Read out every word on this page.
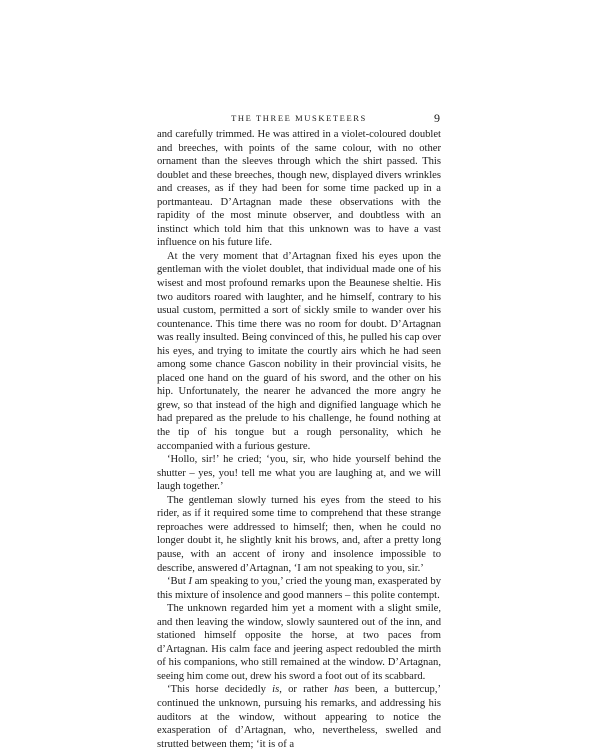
THE THREE MUSKETEERS	9

and carefully trimmed. He was attired in a violet-coloured doublet and breeches, with points of the same colour, with no other ornament than the sleeves through which the shirt passed. This doublet and these breeches, though new, displayed divers wrinkles and creases, as if they had been for some time packed up in a portmanteau. D’Artagnan made these observations with the rapidity of the most minute observer, and doubtless with an instinct which told him that this unknown was to have a vast influence on his future life.

At the very moment that d’Artagnan fixed his eyes upon the gentleman with the violet doublet, that individual made one of his wisest and most profound remarks upon the Beaunese sheltie. His two auditors roared with laughter, and he himself, contrary to his usual custom, permitted a sort of sickly smile to wander over his countenance. This time there was no room for doubt. D’Artagnan was really insulted. Being convinced of this, he pulled his cap over his eyes, and trying to imitate the courtly airs which he had seen among some chance Gascon nobility in their provincial visits, he placed one hand on the guard of his sword, and the other on his hip. Unfortunately, the nearer he advanced the more angry he grew, so that instead of the high and dignified language which he had prepared as the prelude to his challenge, he found nothing at the tip of his tongue but a rough personality, which he accompanied with a furious gesture.

‘Hollo, sir!’ he cried; ‘you, sir, who hide yourself behind the shutter – yes, you! tell me what you are laughing at, and we will laugh together.’

The gentleman slowly turned his eyes from the steed to his rider, as if it required some time to comprehend that these strange reproaches were addressed to himself; then, when he could no longer doubt it, he slightly knit his brows, and, after a pretty long pause, with an accent of irony and insolence impossible to describe, answered d’Artagnan, ‘I am not speaking to you, sir.’

‘But I am speaking to you,’ cried the young man, exasperated by this mixture of insolence and good manners – this polite contempt.

The unknown regarded him yet a moment with a slight smile, and then leaving the window, slowly sauntered out of the inn, and stationed himself opposite the horse, at two paces from d’Artagnan. His calm face and jeering aspect redoubled the mirth of his companions, who still remained at the window. D’Artagnan, seeing him come out, drew his sword a foot out of its scabbard.

‘This horse decidedly is, or rather has been, a buttercup,’ continued the unknown, pursuing his remarks, and addressing his auditors at the window, without appearing to notice the exasperation of d’Artagnan, who, nevertheless, swelled and strutted between them; ‘it is of a
